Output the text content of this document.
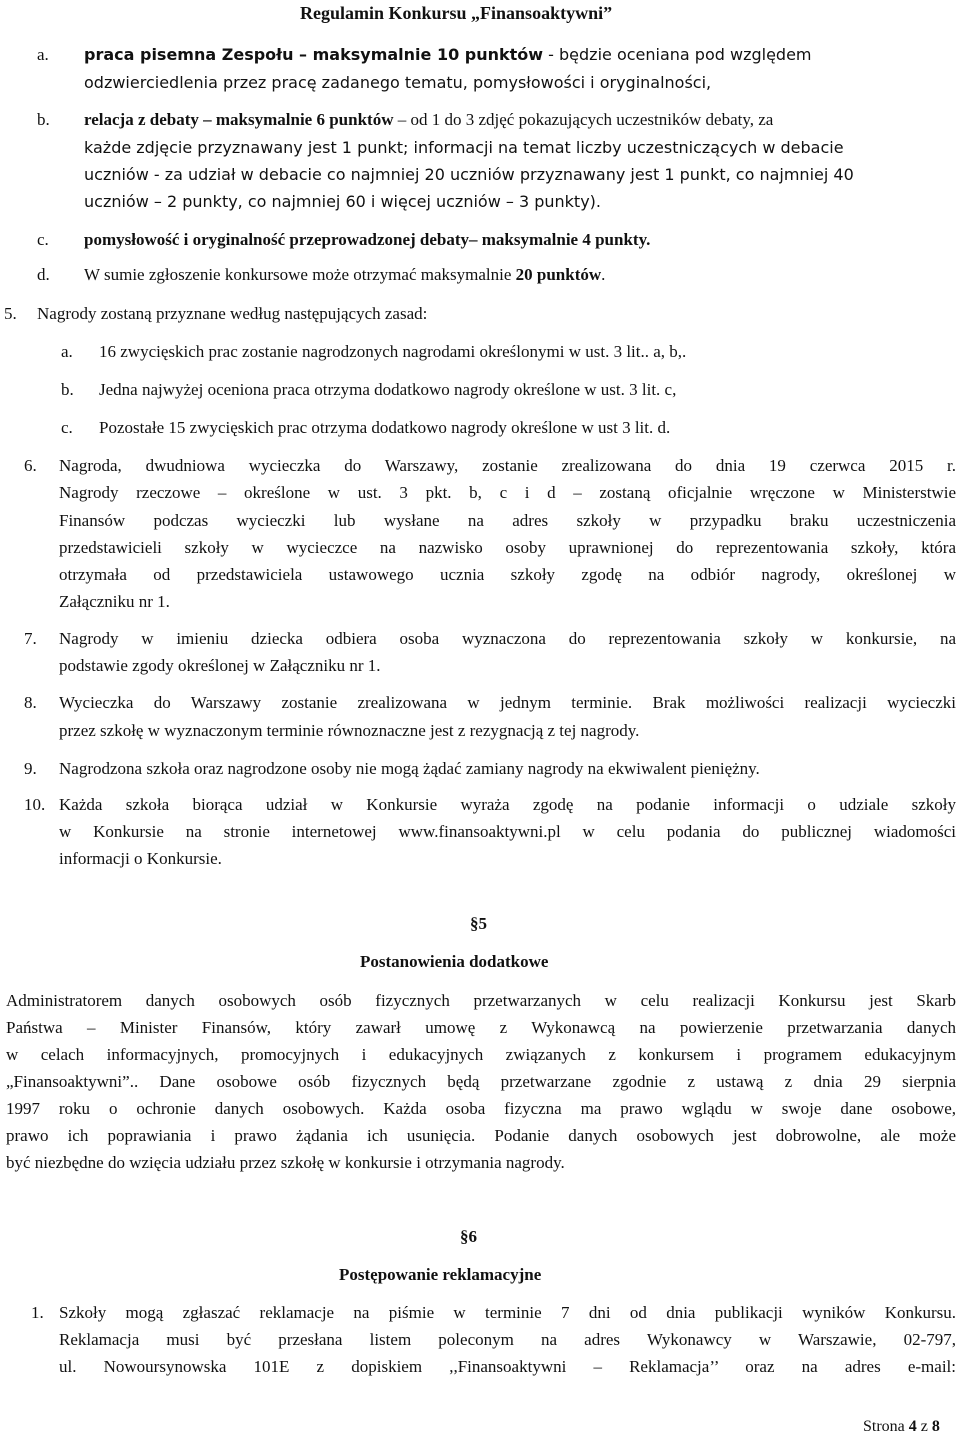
Regulamin Konkursu „Finansoaktywni”
a. praca pisemna Zespołu – maksymalnie 10 punktów - będzie oceniana pod względem
odzwierciedlenia przez pracę zadanego tematu, pomysłowości i oryginalności,
b. relacja z debaty – maksymalnie 6 punktów – od 1 do 3 zdjęć pokazujących uczestników debaty, za
każde zdjęcie przyznawany jest 1 punkt; informacji na temat liczby uczestniczących w debacie
uczniów - za udział w debacie co najmniej 20 uczniów przyznawany jest 1 punkt, co najmniej 40
uczniów – 2 punkty, co najmniej 60 i więcej uczniów – 3 punkty).
c. pomysłowość i oryginalność przeprowadzonej debaty– maksymalnie 4 punkty.
d. W sumie zgłoszenie konkursowe może otrzymać maksymalnie 20 punktów.
5. Nagrody zostaną przyznane według następujących zasad:
a. 16 zwycięskich prac zostanie nagrodzonych nagrodami określonymi w ust. 3 lit.. a, b,.
b. Jedna najwyżej oceniona praca otrzyma dodatkowo nagrody określone w ust. 3 lit. c,
c. Pozostałe 15 zwycięskich prac otrzyma dodatkowo nagrody określone w ust 3 lit. d.
6. Nagroda, dwudniowa wycieczka do Warszawy, zostanie zrealizowana do dnia 19 czerwca 2015 r.
Nagrody rzeczowe – określone w ust. 3 pkt. b, c i d – zostaną oficjalnie wręczone w Ministerstwie
Finansów podczas wycieczki lub wysłane na adres szkoły w przypadku braku uczestniczenia
przedstawicieli szkoły w wycieczce na nazwisko osoby uprawnionej do reprezentowania szkoły, która
otrzymała od przedstawiciela ustawowego ucznia szkoły zgodę na odbiór nagrody, określonej w
Załączniku nr 1.
7. Nagrody w imieniu dziecka odbiera osoba wyznaczona do reprezentowania szkoły w konkursie, na
podstawie zgody określonej w Załączniku nr 1.
8. Wycieczka do Warszawy zostanie zrealizowana w jednym terminie. Brak możliwości realizacji wycieczki
przez szkołę w wyznaczonym terminie równoznaczne jest z rezygnacją z tej nagrody.
9. Nagrodzona szkoła oraz nagrodzone osoby nie mogą żądać zamiany nagrody na ekwiwalent pieniężny.
10. Każda szkoła biorąca udział w Konkursie wyraża zgodę na podanie informacji o udziale szkoły
w Konkursie na stronie internetowej www.finansoaktywni.pl w celu podania do publicznej wiadomości
informacji o Konkursie.
§5
Postanowienia dodatkowe
Administratorem danych osobowych osób fizycznych przetwarzanych w celu realizacji Konkursu jest Skarb
Państwa – Minister Finansów, który zawarł umowę z Wykonawcą na powierzenie przetwarzania danych
w celach informacyjnych, promocyjnych i edukacyjnych związanych z konkursem i programem edukacyjnym
„Finansoaktywni”.. Dane osobowe osób fizycznych będą przetwarzane zgodnie z ustawą z dnia 29 sierpnia
1997 roku o ochronie danych osobowych. Każda osoba fizyczna ma prawo wglądu w swoje dane osobowe,
prawo ich poprawiania i prawo żądania ich usunięcia. Podanie danych osobowych jest dobrowolne, ale może
być niezbędne do wzięcia udziału przez szkołę w konkursie i otrzymania nagrody.
§6
Postępowanie reklamacyjne
1. Szkoły mogą zgłaszać reklamacje na piśmie w terminie 7 dni od dnia publikacji wyników Konkursu.
Reklamacja musi być przesłana listem poleconym na adres Wykonawcy w Warszawie, 02-797,
ul. Nowoursynowska 101E z dopiskiem ,,Finansoaktywni – Reklamacja’’ oraz na adres e-mail:
Strona 4 z 8
